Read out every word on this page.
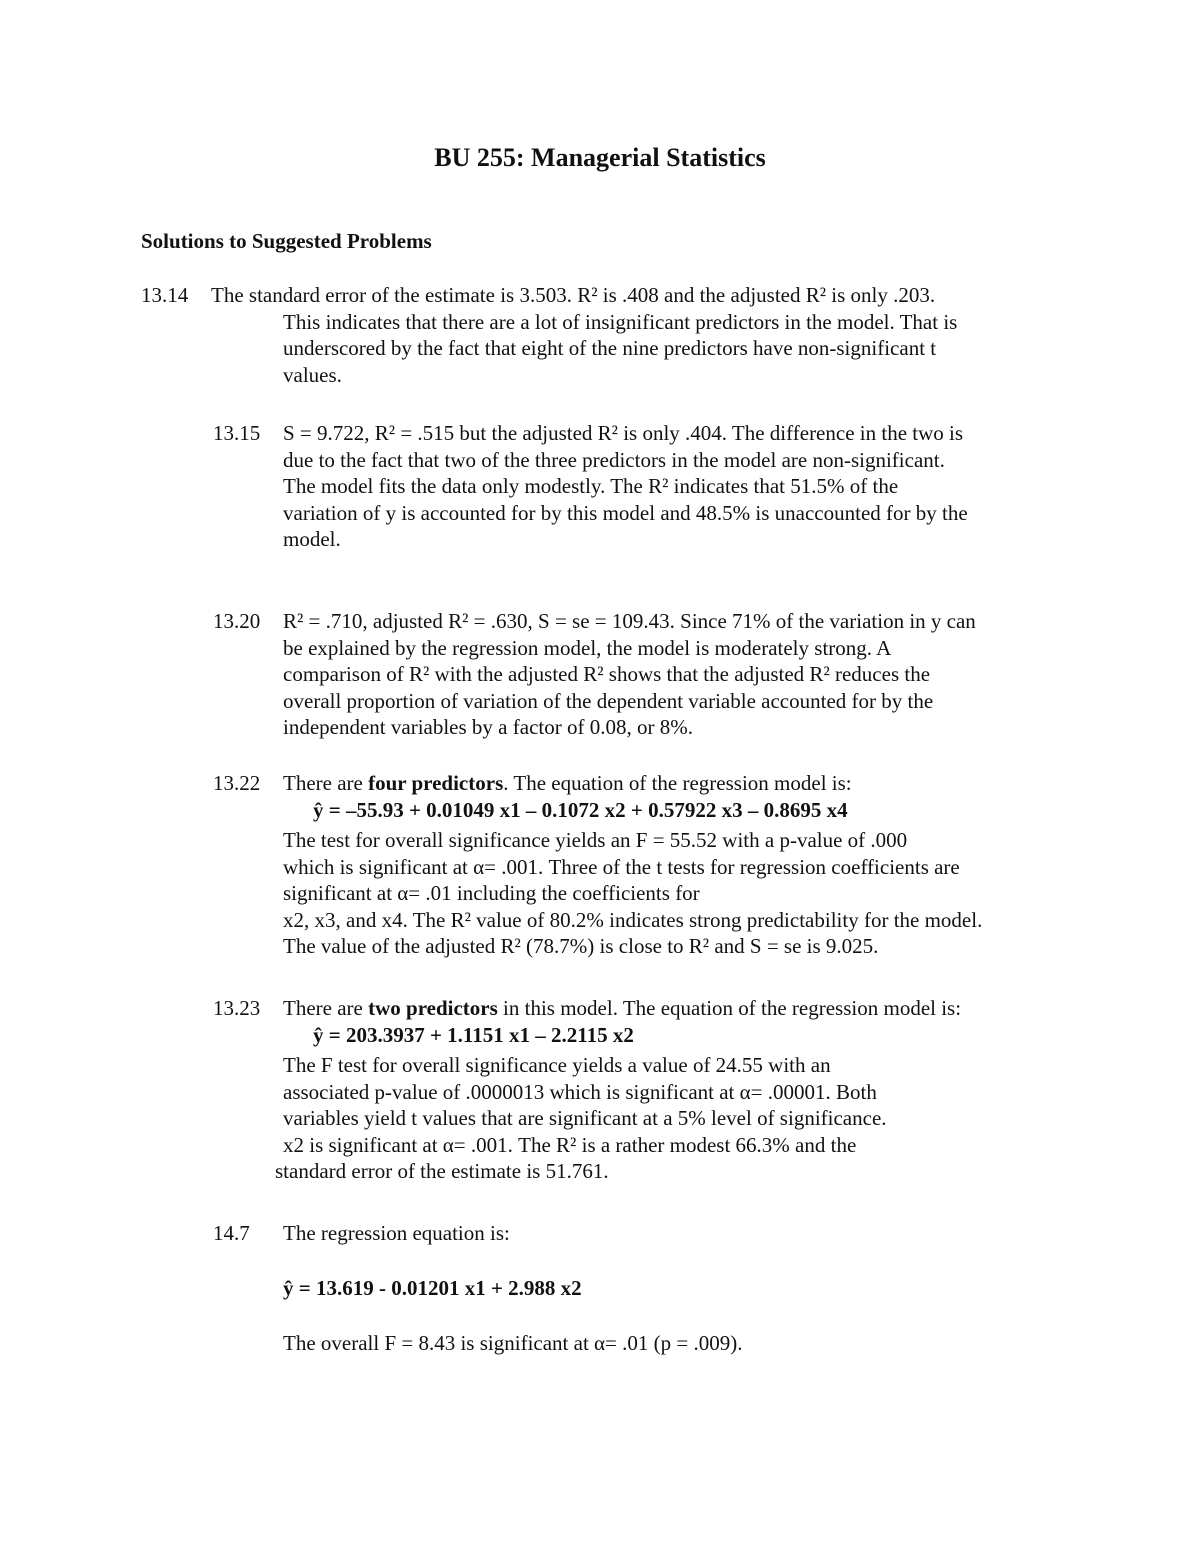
BU 255: Managerial Statistics
Solutions to Suggested Problems
13.14 The standard error of the estimate is 3.503. R² is .408 and the adjusted R² is only .203.
This indicates that there are a lot of insignificant predictors in the model. That is
underscored by the fact that eight of the nine predictors have non-significant t
values.
13.15 S = 9.722, R² = .515 but the adjusted R² is only .404. The difference in the two is
due to the fact that two of the three predictors in the model are non-significant.
The model fits the data only modestly. The R² indicates that 51.5% of the
variation of y is accounted for by this model and 48.5% is unaccounted for by the
model.
13.20 R² = .710, adjusted R² = .630, S = se = 109.43. Since 71% of the variation in y can
be explained by the regression model, the model is moderately strong. A
comparison of R² with the adjusted R² shows that the adjusted R² reduces the
overall proportion of variation of the dependent variable accounted for by the
independent variables by a factor of 0.08, or 8%.
13.22 There are four predictors. The equation of the regression model is:
ŷ = –55.93 + 0.01049 x1 – 0.1072 x2 + 0.57922 x3 – 0.8695 x4
The test for overall significance yields an F = 55.52 with a p-value of .000
which is significant at α= .001. Three of the t tests for regression coefficients are
significant at α= .01 including the coefficients for
x2, x3, and x4. The R² value of 80.2% indicates strong predictability for the model.
The value of the adjusted R² (78.7%) is close to R² and S = se is 9.025.
13.23 There are two predictors in this model. The equation of the regression model is:
ŷ = 203.3937 + 1.1151 x1 – 2.2115 x2
The F test for overall significance yields a value of 24.55 with an
associated p-value of .0000013 which is significant at α= .00001. Both
variables yield t values that are significant at a 5% level of significance.
x2 is significant at α= .001. The R² is a rather modest 66.3% and the
standard error of the estimate is 51.761.
14.7 The regression equation is:
ŷ = 13.619 - 0.01201 x1 + 2.988 x2
The overall F = 8.43 is significant at α= .01 (p = .009).
